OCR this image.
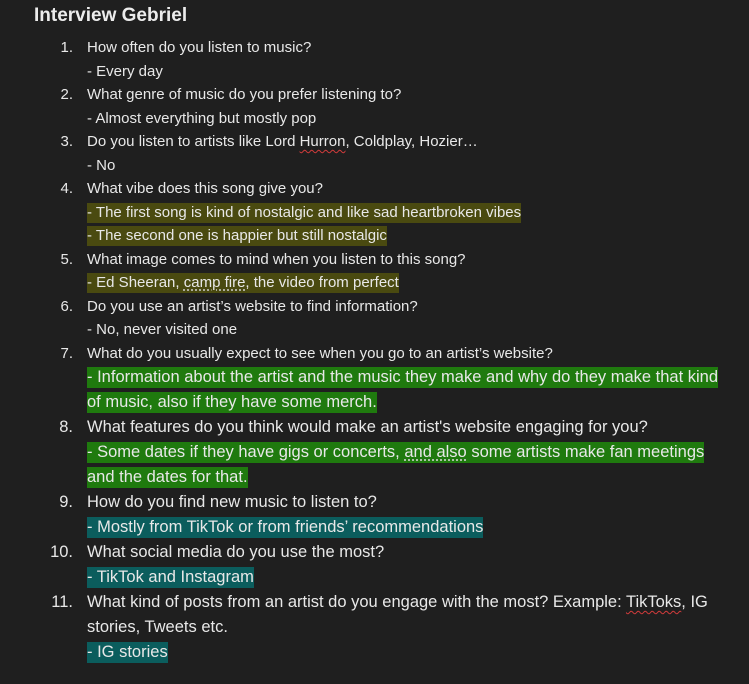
Interview Gebriel
1. How often do you listen to music?
- Every day
2. What genre of music do you prefer listening to?
- Almost everything but mostly pop
3. Do you listen to artists like Lord Hurron, Coldplay, Hozier…
- No
4. What vibe does this song give you?
- The first song is kind of nostalgic and like sad heartbroken vibes
- The second one is happier but still nostalgic
5. What image comes to mind when you listen to this song?
- Ed Sheeran, camp fire, the video from perfect
6. Do you use an artist’s website to find information?
- No, never visited one
7. What do you usually expect to see when you go to an artist’s website?
- Information about the artist and the music they make and why do they make that kind of music, also if they have some merch.
8. What features do you think would make an artist's website engaging for you?
- Some dates if they have gigs or concerts, and also some artists make fan meetings and the dates for that.
9. How do you find new music to listen to?
- Mostly from TikTok or from friends’ recommendations
10. What social media do you use the most?
- TikTok and Instagram
11. What kind of posts from an artist do you engage with the most? Example: TikToks, IG stories, Tweets etc.
- IG stories
